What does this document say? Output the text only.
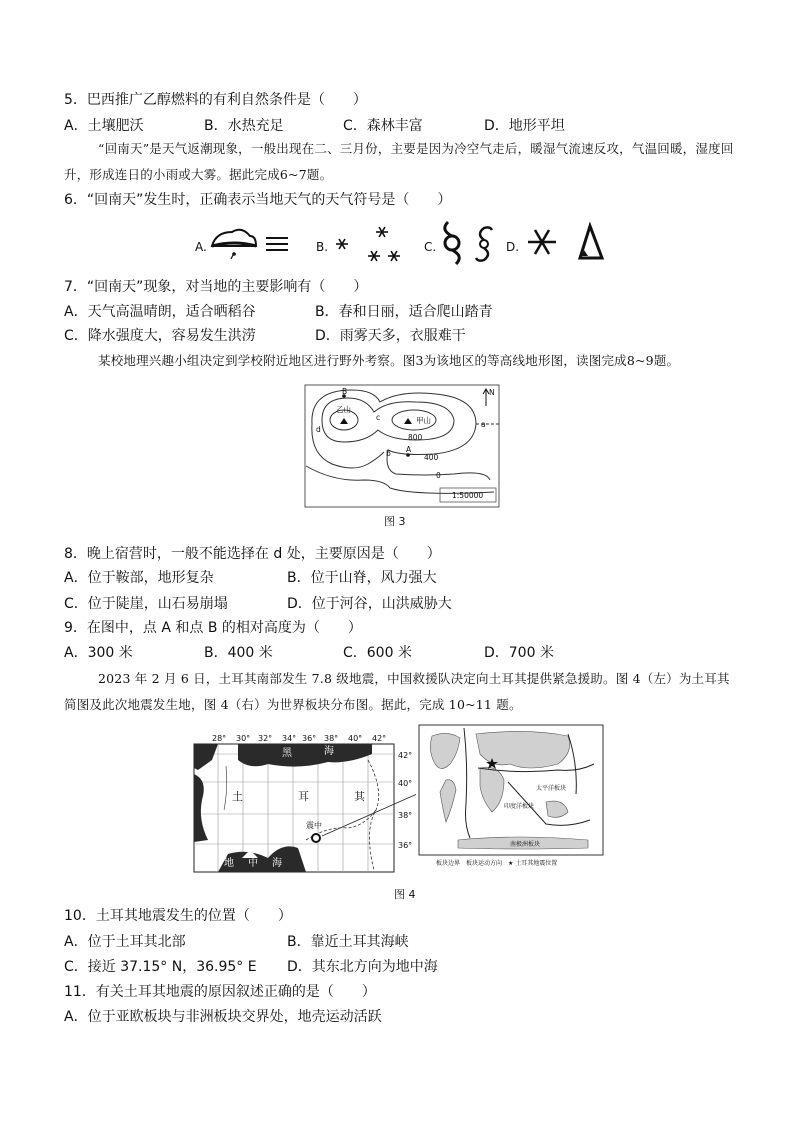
5．巴西推广乙醇燃料的有利自然条件是（　　）
A．土壤肥沃	B．水热充足	C．森林丰富	D．地形平坦
“回南天”是天气返潮现象，一般出现在二、三月份，主要是因为冷空气走后，暖湿气流速反攻，气温回暖，湿度回升，形成连日的小雨或大雾。据此完成6~7题。
6．“回南天”发生时，正确表示当地天气的天气符号是（　　）
A.	B.	C.	D.
7．“回南天”现象，对当地的主要影响有（　　）
A．天气高温晴朗，适合晒稻谷	B．春和日丽，适合爬山踏青
C．降水强度大，容易发生洪涝	D．雨雾天多，衣服难干
某校地理兴趣小组决定到学校附近地区进行野外考察。图3为该地区的等高线地形图，读图完成8~9题。
乙山
甲山	a
b
c
d
A
B
800
400
0
N
1:50000
图 3
8．晚上宿营时，一般不能选择在 d 处，主要原因是（　　）
A．位于鞍部，地形复杂	B．位于山脊，风力强大
C．位于陡崖，山石易崩塌	D．位于河谷，山洪威胁大
9．在图中，点 A 和点 B 的相对高度为（　　）
A．300 米	B．400 米	C．600 米	D．700 米
2023 年 2 月 6 日，土耳其南部发生 7.8 级地震，中国救援队决定向土耳其提供紧急援助。图 4（左）为土耳其简图及此次地震发生地，图 4（右）为世界板块分布图。据此，完成 10~11 题。
28° 30° 32° 34° 36° 38° 40° 42°
42°
40°
38°
36°
黑	海
土	耳	其
震中
地 中 海
太平洋板块
印度洋板块
南极洲板块
板块边界　板块运动方向　★ 土耳其地震位置
图 4
10．土耳其地震发生的位置（　　）
A．位于土耳其北部	B．靠近土耳其海峡
C．接近 37.15° N，36.95° E D．其东北方向为地中海
11．有关土耳其地震的原因叙述正确的是（　　）
A．位于亚欧板块与非洲板块交界处，地壳运动活跃
